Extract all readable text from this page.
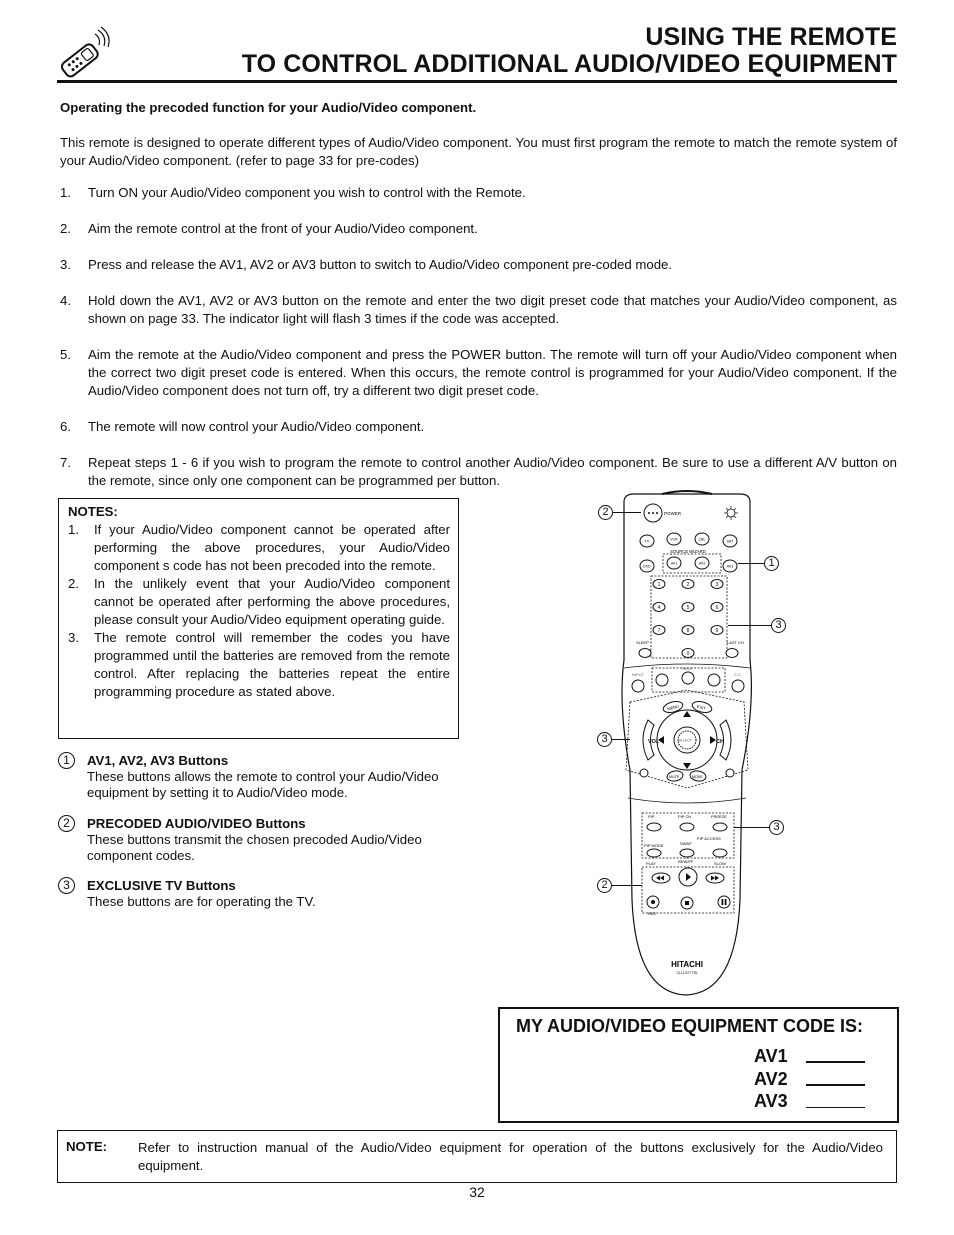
USING THE REMOTE
TO CONTROL ADDITIONAL AUDIO/VIDEO EQUIPMENT
Operating the precoded function for your Audio/Video component.
This remote is designed to operate different types of Audio/Video component. You must first program the remote to match the remote system of your Audio/Video component. (refer to page 33 for pre-codes)
1. Turn ON your Audio/Video component you wish to control with the Remote.
2. Aim the remote control at the front of your Audio/Video component.
3. Press and release the AV1, AV2 or AV3 button to switch to Audio/Video component pre-coded mode.
4. Hold down the AV1, AV2 or AV3 button on the remote and enter the two digit preset code that matches your Audio/Video component, as shown on page 33. The indicator light will flash 3 times if the code was accepted.
5. Aim the remote at the Audio/Video component and press the POWER button. The remote will turn off your Audio/Video component when the correct two digit preset code is entered. When this occurs, the remote control is programmed for your Audio/Video component. If the Audio/Video component does not turn off, try a different two digit preset code.
6. The remote will now control your Audio/Video component.
7. Repeat steps 1 - 6 if you wish to program the remote to control another Audio/Video component. Be sure to use a different A/V button on the remote, since only one component can be programmed per button.
NOTES:
1. If your Audio/Video component cannot be operated after performing the above procedures, your Audio/Video component s code has not been precoded into the remote.
2. In the unlikely event that your Audio/Video component cannot be operated after performing the above procedures, please consult your Audio/Video equipment operating guide.
3. The remote control will remember the codes you have programmed until the batteries are removed from the remote control. After replacing the batteries repeat the entire programming procedure as stated above.
1	AV1, AV2, AV3 Buttons
These buttons allows the remote to control your Audio/Video equipment by setting it to Audio/Video mode.
2	PRECODED AUDIO/VIDEO Buttons
These buttons transmit the chosen precoded Audio/Video component codes.
3	EXCLUSIVE TV Buttons
These buttons are for operating the TV.
POWER
TV	VCR	CBL	SAT
SOURCE WIZARD
DVD
AV1	AV2
AV3
1	2	3
4	5	6
7	8	9
0
SLEEP	LAST CH
INPUT
HELP
C.C.
MENU	EXIT
SELECT
VOL	CH
MUTE	MODE
PIP	PIP CH	FREEZE
PIP ACCESS
PIP MODE	SWAP
PLAY	REW/FF	SLOW
REC
HITACHI
CLU-5777SI
2
1
3
3
3
2
MY AUDIO/VIDEO EQUIPMENT CODE IS:
AV1
AV2
AV3
NOTE: Refer to instruction manual of the Audio/Video equipment for operation of the buttons exclusively for the Audio/Video equipment.
32
